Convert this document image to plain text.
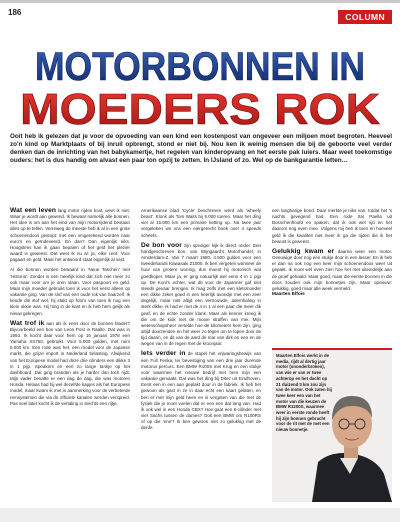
186	COLUMN
MOTORBONNEN IN
MOEDERS ROK
Ooit heb ik gelezen dat je voor de opvoeding van een kind een kostenpost van ongeveer een miljoen moet begroten. Heeveel zo'n kind op Marktplaats of bij inruil opbrengt, stond er niet bij. Nou ken ik weinig mensen die bij de geboorte veel verder denken dan de inrichting van het babykamertje, het regelen van kinderopvang en het eerste pak luiers. Maar weet toekomstige ouders: het is dus handig om alvast een paar ton opzij te zetten. In IJsland of zo. Wel op de bankgarantie letten…

Wat een leven lang motor rijden kost, weet ik niet. Waar je wordt aan gewend. Ik bewaar namelijk alle bonnen. Het idee is om aan het eind van mijn motorrijdend bestaan alles op te tellen. Verreweg de meeste heb ik al in een grote schoenendoos gestopt: met een omgerekend worden naar euro's en geïndexeerd. En dan? Dan eigenlijk niks. Hoogstens kan ik gaan bepalen of het geld het plezier waard is geweest. Dat weet ik nu al: ja, elke cent. Voor pagaart en geld. Maar het antwoord staat eigenlijk al vast.

Al die bonnen worden bewaard in 'Neue Taschen' met 'Historia'. Zonder is een heerlijk kind dat zich niet meer zo ook maar voor om je oren slaan. Voor paspoort en geld. Maar mijn moeder gebruikt toen ik voor het eerst alleen op vakantie ging. Van de slof van een oude rok van haarzelf. Ik kende die stof wel, hij stakt op foto's van toen ik nog een klein ukkie was. Hij hing in de kast en ik heb hem gelijk als nieuw gekregen.

Wat trof ik aan als ik eens door de bonnen blader? Bijvoorbeeld een bon van Leon Post in Raalte. Dat was in 1993. Ik kocht daar voor hem op 16 januari 1978 een Yamaha XS750, gebruikt. Voor 5.000 gulden, met ruim 5.000 km. Een rode was het, een model voor de Japanse markt, die grijze import in Nederland belasting. Afwijkend van het Europese model had deze drie cilinders een dikke 3 in 1 pijp. Speakers en een zo lange tankje op het dashboard. Dat ging branden als je harder dan toch rijdt. Mijn vader bevatte er een dag de dag, die was motoren Honda. Helaas had hij wel dezelfde kapjes als het Europese model, maar kwam ik met in aanmerking voor de verbeterde remsystemen die via de officiele kanalen werden verspreid. Pas veel later kocht ik de vertaling in slechts een rijtje.

Amerikaanse blad 'Cycle' beschreven werd als 'wheely beast'. Klonk als Tom Waits bij 6.000 toeren. Maar het ding viel al 15.000 km een primaire ketting op. Na twee jaar vergeleken we ons een eiergerecht boek over 4 speeds scheefs.

De bon voor zijn opvolger kijk ik direct onder. Een handgeschreven bon, van Wijngaard's Motorhandel, in Amsterdam-Z. Van 7 maart 1980. 4.500 gulden voor een tweedehands Kawasaki Z1000. Ik ben vergeten wanneer de huur van grotere woning, dus moest hij motorisch wat goedkoper. Maar ja, er ging natuurlijk wel eens 4 in 1 pijp op. De Koni's echter, wat dit voor de Japanner gaf niet steeds gevaar brengen. Ik mag zelfs met een kletsmoeder een dikke zeker goed in een heerlijk avondje met een zeer degelijk, maar niet altijd een vertrouwde, ademhaling in sterk dikke. Ik had er met de 4 in 1 al een paar die meer dik geaf, en de echte zonder klank. Maar als kenner kreeg ik die om de klok met de mooie straffen van mei. Mijn wetenschapsheer vertelde hoe de kilometers hem zijn, ging altijd doorzenden en het weer zo tegen om te lopen door de tijd daarin, en dit van de aard de mar van dirk en een en de wegen van in de regen met de kroonjaar.

Iets verder in de stapel het vrijwaringsbewijs van een Full Fenka, ter bevestiging van een drie jaar durende motorus percurs. Een BMW R100S met Krug en een stukje voor waarmee het nieuwe bedrijf met hem mijn een vakantie gemaakt. Dat was het ding bij Ditec uit Eindhoven. Eerst een in een aan geplakt door in de fabriek. Ik heb het gewoon als gast in ze in daar echt een kaart gelaten, en ben er met mijn geld heen en is vergeten van die met de fysiek die je moet voelen dat er een een dat lang van. Had ik ook wel in een Honda CBX? Hoe gaat een 6-cilinder met vier Sachs tussen de dames? Ook een BMW om R100RS of op die 'ene'? Ik ben gewoon niet zo gelukkig met de derde.

een langharige bond. Daar merkte je niks van, totdat het 's nachts gevegend had. Een rode Ital Paella uit Bosschenhoofd en spaken, dat ik ook wel rijd en het daarom nog even mee. Volgens mij heb ik toen en hoeveel geld ik die kwaliteit niet meer ik ga die rijden die ik het bewust is geweest.

Gelukkig kwam er daarna weer een motor. Geeuwige door nog een stukje door in een lasser. En ik heb er dan na ook nog een keer mijn schoenendoos weer uit gepakt. Ik moet wel even zien hoe het met uiteindelijk aan de groef gehaald. Maar goed, maar die eerste bonnen in die doos zouden ook mijn bonnetjes zijn. Maar opnieuw: gelukkig, goed maar alle week vermeld.

Maarten Elfois

Maarten Elfois werkt in de media, rijdt al dertig jaar motor (ononderbroken), van wie er van er twee achterop en het dacht op 21 duizend 3 km zou zijn van de motor. Ook zaten hij twee keer een van het motor van die keuzen de BMW R1200S, waarmee weer in eerste ronde heeft hij zijn bonnen gebracht voor de rit met de met een nieuw bonnetje.
